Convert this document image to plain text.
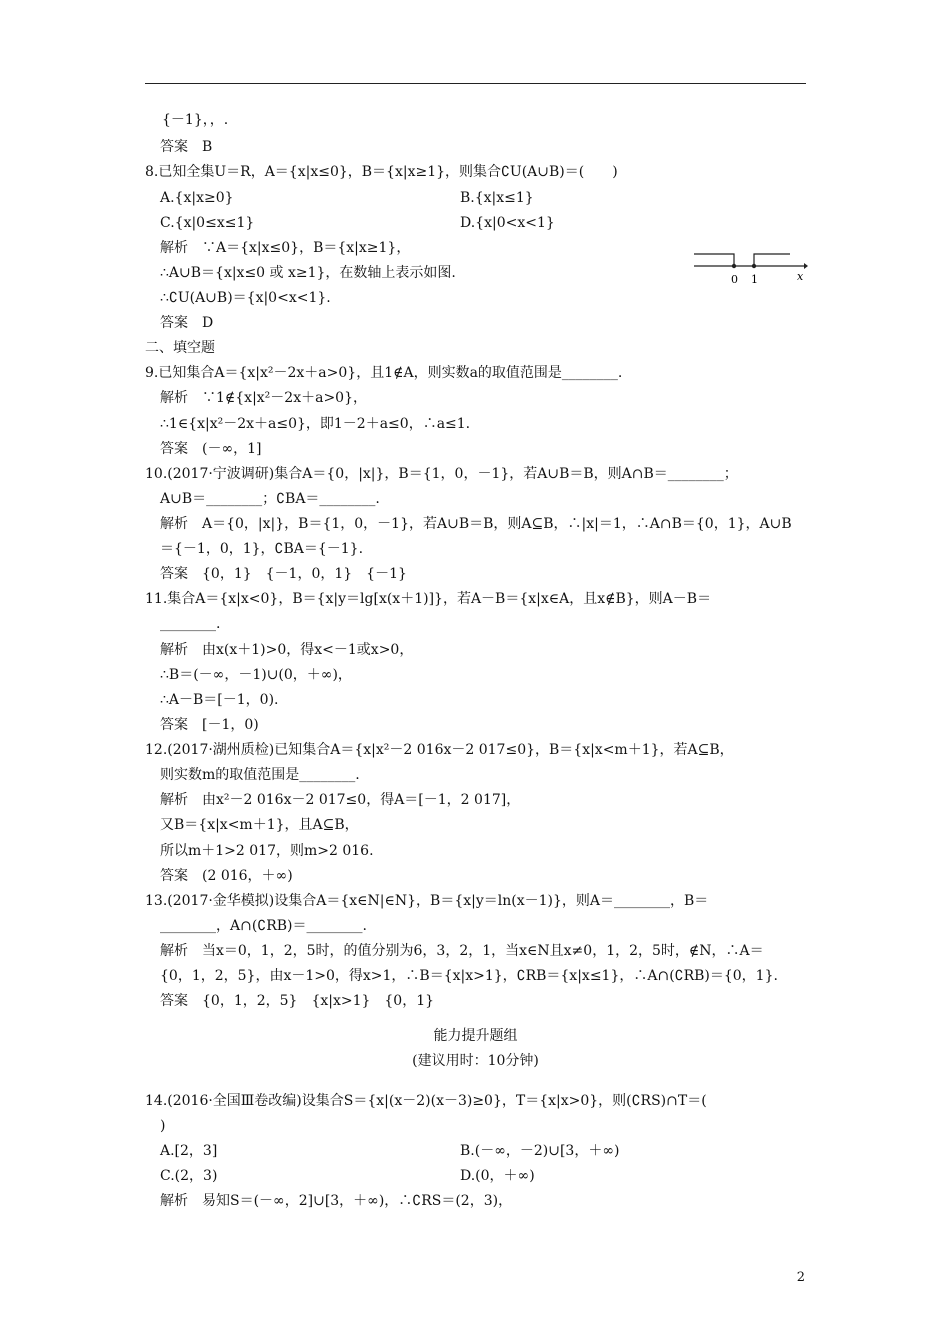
{－1}，，.
答案　B
8.已知全集U＝R，A＝{x|x≤0}，B＝{x|x≥1}，则集合∁U(A∪B)＝(　　)
A.{x|x≥0}	B.{x|x≤1}
C.{x|0≤x≤1}	D.{x|0<x<1}
解析　∵A＝{x|x≤0}，B＝{x|x≥1}，
∴A∪B＝{x|x≤0 或 x≥1}，在数轴上表示如图.
∴∁U(A∪B)＝{x|0<x<1}.
答案　D
二、填空题
9.已知集合A＝{x|x²－2x＋a>0}，且1∉A，则实数a的取值范围是________.
解析　∵1∉{x|x²－2x＋a>0}，
∴1∈{x|x²－2x＋a≤0}，即1－2＋a≤0，∴a≤1.
答案　(－∞，1]
10.(2017·宁波调研)集合A＝{0，|x|}，B＝{1，0，－1}，若A∪B＝B，则A∩B＝________；
A∪B＝________；∁BA＝________.
解析　A＝{0，|x|}，B＝{1，0，－1}，若A∪B＝B，则A⊆B，∴|x|＝1，∴A∩B＝{0，1}，A∪B
＝{－1，0，1}，∁BA＝{－1}.
答案　{0，1}　{－1，0，1}　{－1}
11.集合A＝{x|x<0}，B＝{x|y＝lg[x(x＋1)]}，若A－B＝{x|x∈A，且x∉B}，则A－B＝
________.
解析　由x(x＋1)>0，得x<－1或x>0，
∴B＝(－∞，－1)∪(0，＋∞)，
∴A－B＝[－1，0).
答案　[－1，0)
12.(2017·湖州质检)已知集合A＝{x|x²－2 016x－2 017≤0}，B＝{x|x<m＋1}，若A⊆B，
则实数m的取值范围是________.
解析　由x²－2 016x－2 017≤0，得A＝[－1，2 017]，
又B＝{x|x<m＋1}，且A⊆B，
所以m＋1>2 017，则m>2 016.
答案　(2 016，＋∞)
13.(2017·金华模拟)设集合A＝{x∈N|∈N}，B＝{x|y＝ln(x－1)}，则A＝________，B＝
________，A∩(∁RB)＝________.
解析　当x＝0，1，2，5时，的值分别为6，3，2，1，当x∈N且x≠0，1，2，5时，∉N，∴A＝
{0，1，2，5}，由x－1>0，得x>1，∴B＝{x|x>1}，∁RB＝{x|x≤1}，∴A∩(∁RB)＝{0，1}.
答案　{0，1，2，5}　{x|x>1}　{0，1}
14.(2016·全国Ⅲ卷改编)设集合S＝{x|(x－2)(x－3)≥0}，T＝{x|x>0}，则(∁RS)∩T＝(
)
A.[2，3]	B.(－∞，－2)∪[3，＋∞)
C.(2，3)	D.(0，＋∞)
解析　易知S＝(－∞，2]∪[3，＋∞)，∴∁RS＝(2，3)，
能力提升题组
(建议用时：10分钟)
0 1	x
2
